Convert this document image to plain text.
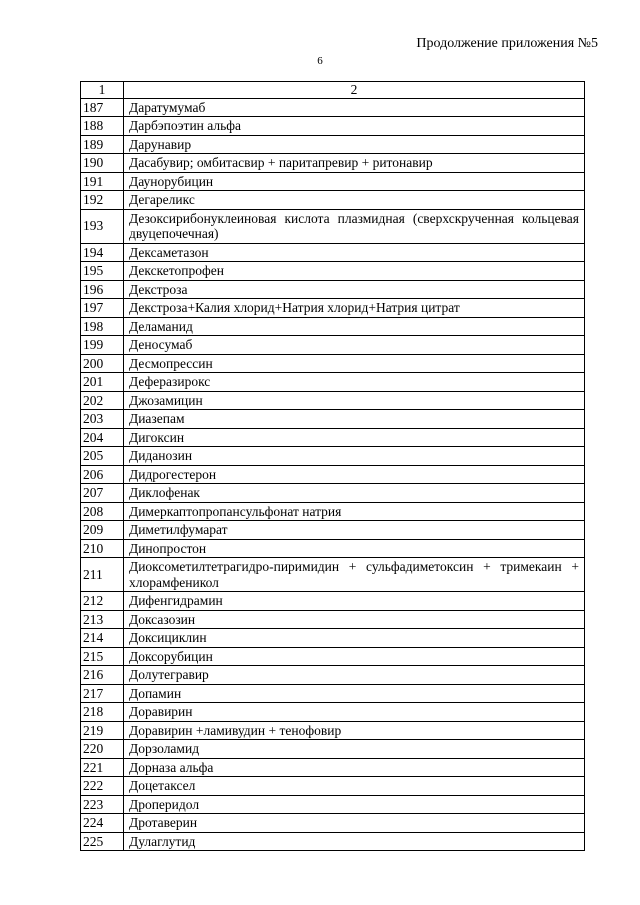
Продолжение приложения №5
6
1	2
187	Даратумумаб
188	Дарбэпоэтин альфа
189	Дарунавир
190	Дасабувир; омбитасвир + паритапревир + ритонавир
191	Даунорубицин
192	Дегареликс
193	Дезоксирибонуклеиновая кислота плазмидная (сверхскрученная кольцевая двуцепочечная)
194	Дексаметазон
195	Декскетопрофен
196	Декстроза
197	Декстроза+Калия хлорид+Натрия хлорид+Натрия цитрат
198	Деламанид
199	Деносумаб
200	Десмопрессин
201	Деферазирокс
202	Джозамицин
203	Диазепам
204	Дигоксин
205	Диданозин
206	Дидрогестерон
207	Диклофенак
208	Димеркаптопропансульфонат натрия
209	Диметилфумарат
210	Динопростон
211	Диоксометилтетрагидро-пиримидин + сульфадиметоксин + тримекаин + хлорамфеникол
212	Дифенгидрамин
213	Доксазозин
214	Доксициклин
215	Доксорубицин
216	Долутегравир
217	Допамин
218	Доравирин
219	Доравирин +ламивудин + тенофовир
220	Дорзоламид
221	Дорназа альфа
222	Доцетаксел
223	Дроперидол
224	Дротаверин
225	Дулаглутид
